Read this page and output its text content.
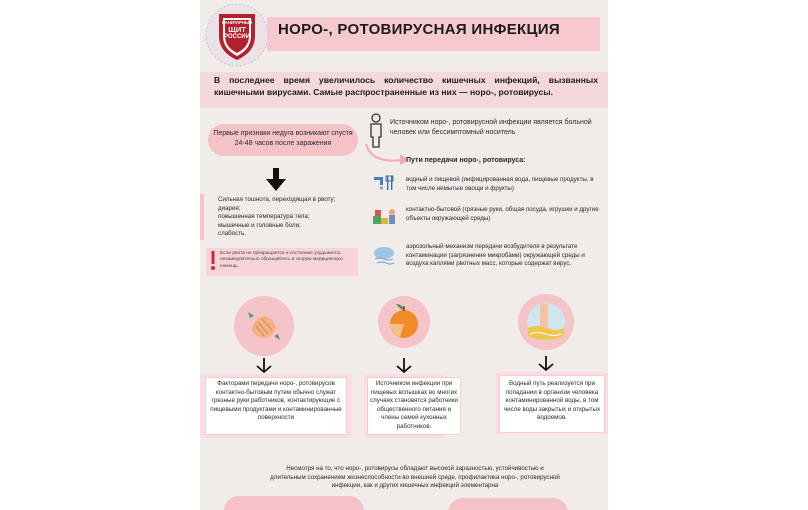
САНИТАРНЫЙ
ЩИТ
РОССИИ	НОРО-, РОТОВИРУСНАЯ ИНФЕКЦИЯ
В последнее время увеличилось количество кишечных инфекций, вызванных кишечными вирусами. Самые распространенные из них — норо-, ротовирусы.
Первые признаки недуга возникают спустя 24-48 часов после заражения
Сильная тошнота, переходящая в рвоту;
диарея;
повышенная температура тела;
мышечные и головные боли;
слабость.
Если рвота не прекращается и состояние ухудшается, незамедлительно обращайтесь в скорую медицинскую помощь.
Источником норо-, ротовирусной инфекции является больной человек или бессимптомный носитель
Пути передачи норо-, ротовируса:
водный и пищевой (инфицированная вода, пищевые продукты, в том числе немытые овощи и фрукты)
контактно-бытовой (грязные руки, общая посуда, игрушки и другие объекты окружающей среды)
аэрозольный механизм передачи возбудителя в результате контаминации (загрязнение микробами) окружающей среды и воздуха каплями рвотных масс, которые содержат вирус.
Факторами передачи норо-, ротовирусов контактно-бытовым путем обычно служат грязные руки работников, контактирующие с пищевыми продуктами и контаминированные поверхности
Источником инфекции при пищевых вспышках во многих случаях становятся работники общественного питания и члены семей кухонных работников.
Водный путь реализуется при попадании в организм человека контаминированной воды, в том числе воды закрытых и открытых водоемов.
Несмотря на то, что норо-, ротовирусы обладают высокой заразностью, устойчивостью и длительным сохранением жизнеспособности во внешней среде, профилактика норо-, ротовирусной инфекции, как и других кишечных инфекций элементарна
